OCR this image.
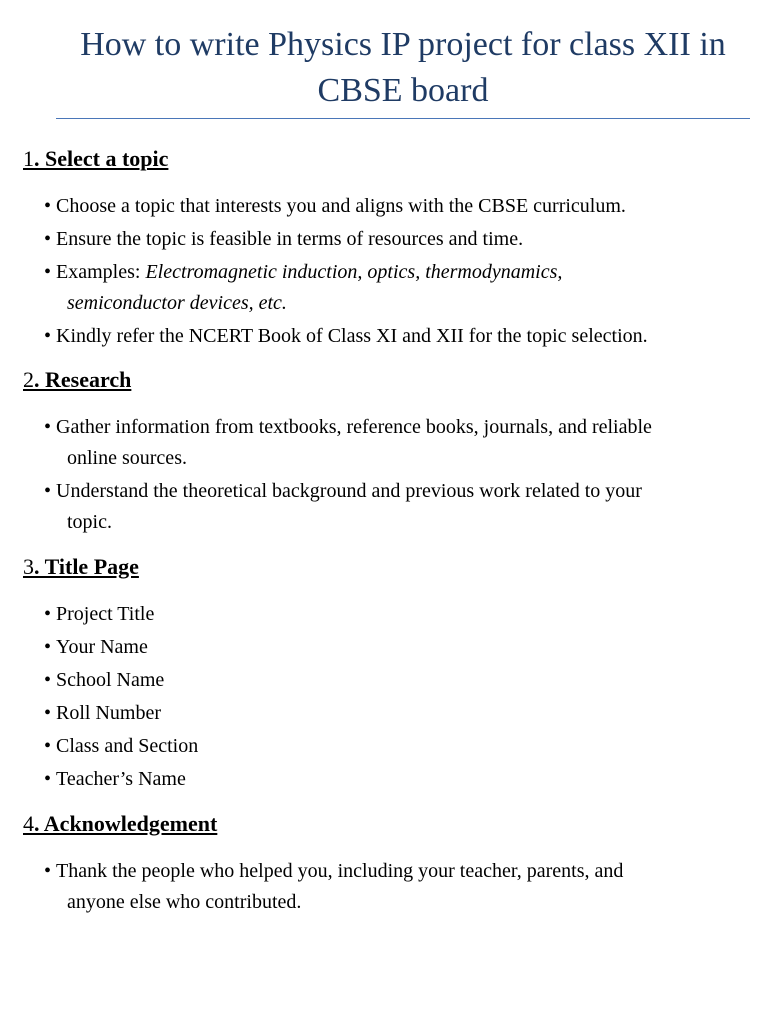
How to write Physics IP project for class XII in
CBSE board
1. Select a topic
• Choose a topic that interests you and aligns with the CBSE curriculum.
• Ensure the topic is feasible in terms of resources and time.
• Examples: Electromagnetic induction, optics, thermodynamics,
semiconductor devices, etc.
• Kindly refer the NCERT Book of Class XI and XII for the topic selection.
2. Research
• Gather information from textbooks, reference books, journals, and reliable
online sources.
• Understand the theoretical background and previous work related to your
topic.
3. Title Page
• Project Title
• Your Name
• School Name
• Roll Number
• Class and Section
• Teacher’s Name
4. Acknowledgement
• Thank the people who helped you, including your teacher, parents, and
anyone else who contributed.
